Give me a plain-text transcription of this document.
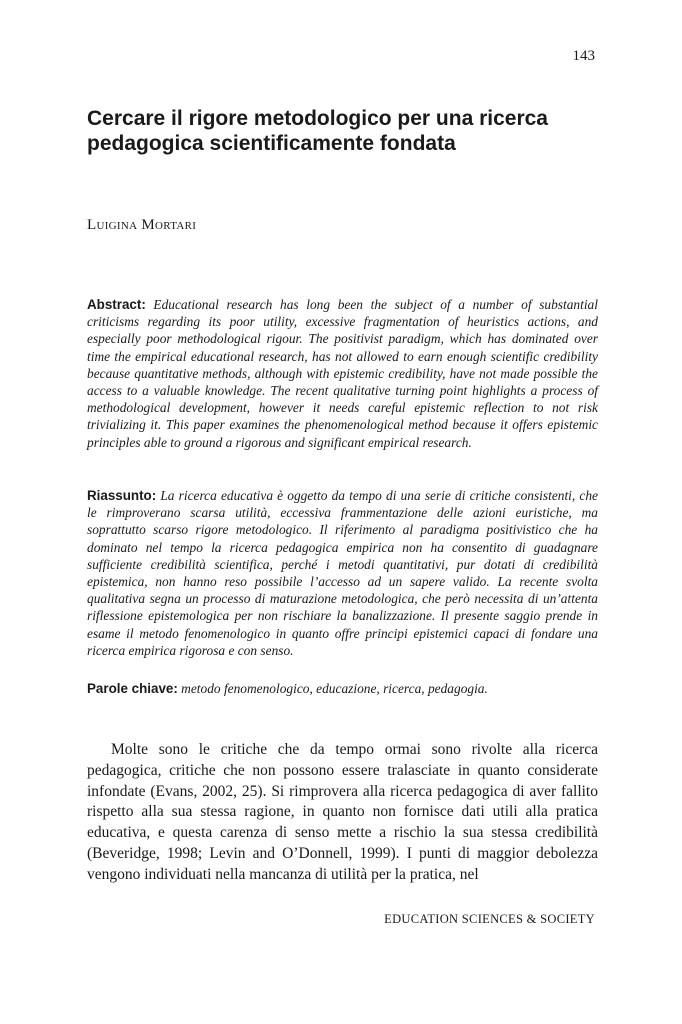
143
Cercare il rigore metodologico per una ricerca pedagogica scientificamente fondata
Luigina Mortari

Abstract: Educational research has long been the subject of a number of substantial criticisms regarding its poor utility, excessive fragmentation of heuristics actions, and especially poor methodological rigour. The positivist paradigm, which has dominated over time the empirical educational research, has not allowed to earn enough scientific credibility because quantitative methods, although with epistemic credibility, have not made possible the access to a valuable knowledge. The recent qualitative turning point highlights a process of methodological development, however it needs careful epistemic reflection to not risk trivializing it. This paper examines the phenomenological method because it offers epistemic principles able to ground a rigorous and significant empirical research.

Riassunto: La ricerca educativa è oggetto da tempo di una serie di critiche consistenti, che le rimproverano scarsa utilità, eccessiva frammentazione delle azioni euristiche, ma soprattutto scarso rigore metodologico. Il riferimento al paradigma positivistico che ha dominato nel tempo la ricerca pedagogica empirica non ha consentito di guadagnare sufficiente credibilità scientifica, perché i metodi quantitativi, pur dotati di credibilità epistemica, non hanno reso possibile l’accesso ad un sapere valido. La recente svolta qualitativa segna un processo di maturazione metodologica, che però necessita di un’attenta riflessione epistemologica per non rischiare la banalizzazione. Il presente saggio prende in esame il metodo fenomenologico in quanto offre principi epistemici capaci di fondare una ricerca empirica rigorosa e con senso.

Parole chiave: metodo fenomenologico, educazione, ricerca, pedagogia.

Molte sono le critiche che da tempo ormai sono rivolte alla ricerca pedagogica, critiche che non possono essere tralasciate in quanto considerate infondate (Evans, 2002, 25). Si rimprovera alla ricerca pedagogica di aver fallito rispetto alla sua stessa ragione, in quanto non fornisce dati utili alla pratica educativa, e questa carenza di senso mette a rischio la sua stessa credibilità (Beveridge, 1998; Levin and O’Donnell, 1999). I punti di maggior debolezza vengono individuati nella mancanza di utilità per la pratica, nel

EDUCATION SCIENCES & SOCIETY
